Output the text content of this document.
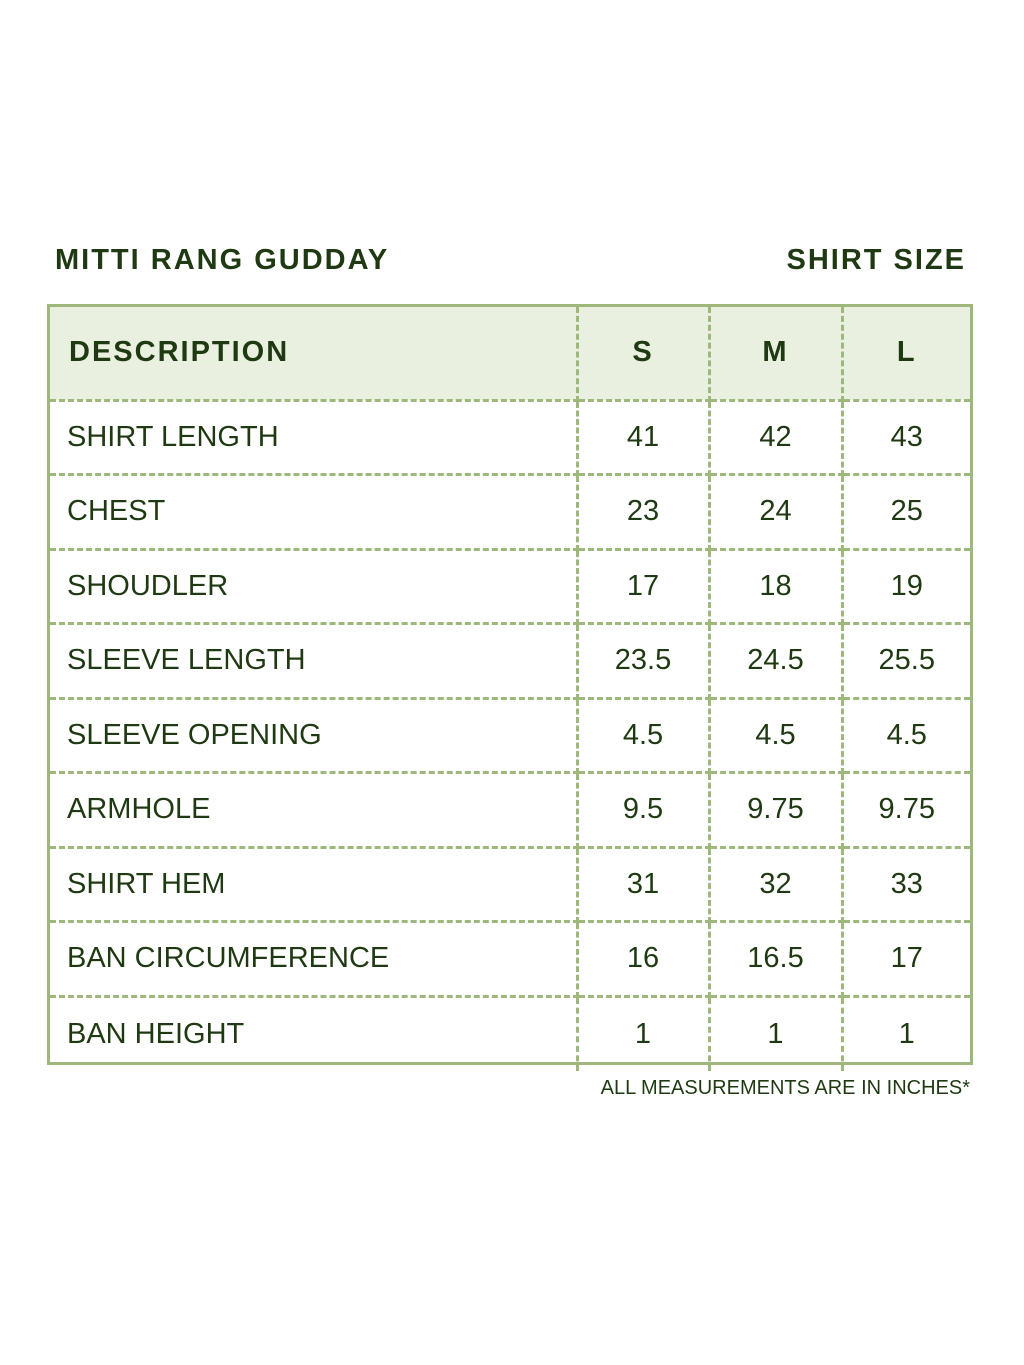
MITTI RANG GUDDAY	SHIRT SIZE
DESCRIPTION	S	M	L
SHIRT LENGTH	41	42	43
CHEST	23	24	25
SHOUDLER	17	18	19
SLEEVE LENGTH	23.5	24.5	25.5
SLEEVE OPENING	4.5	4.5	4.5
ARMHOLE	9.5	9.75	9.75
SHIRT HEM	31	32	33
BAN CIRCUMFERENCE	16	16.5	17
BAN HEIGHT	1	1	1
ALL MEASUREMENTS ARE IN INCHES*
